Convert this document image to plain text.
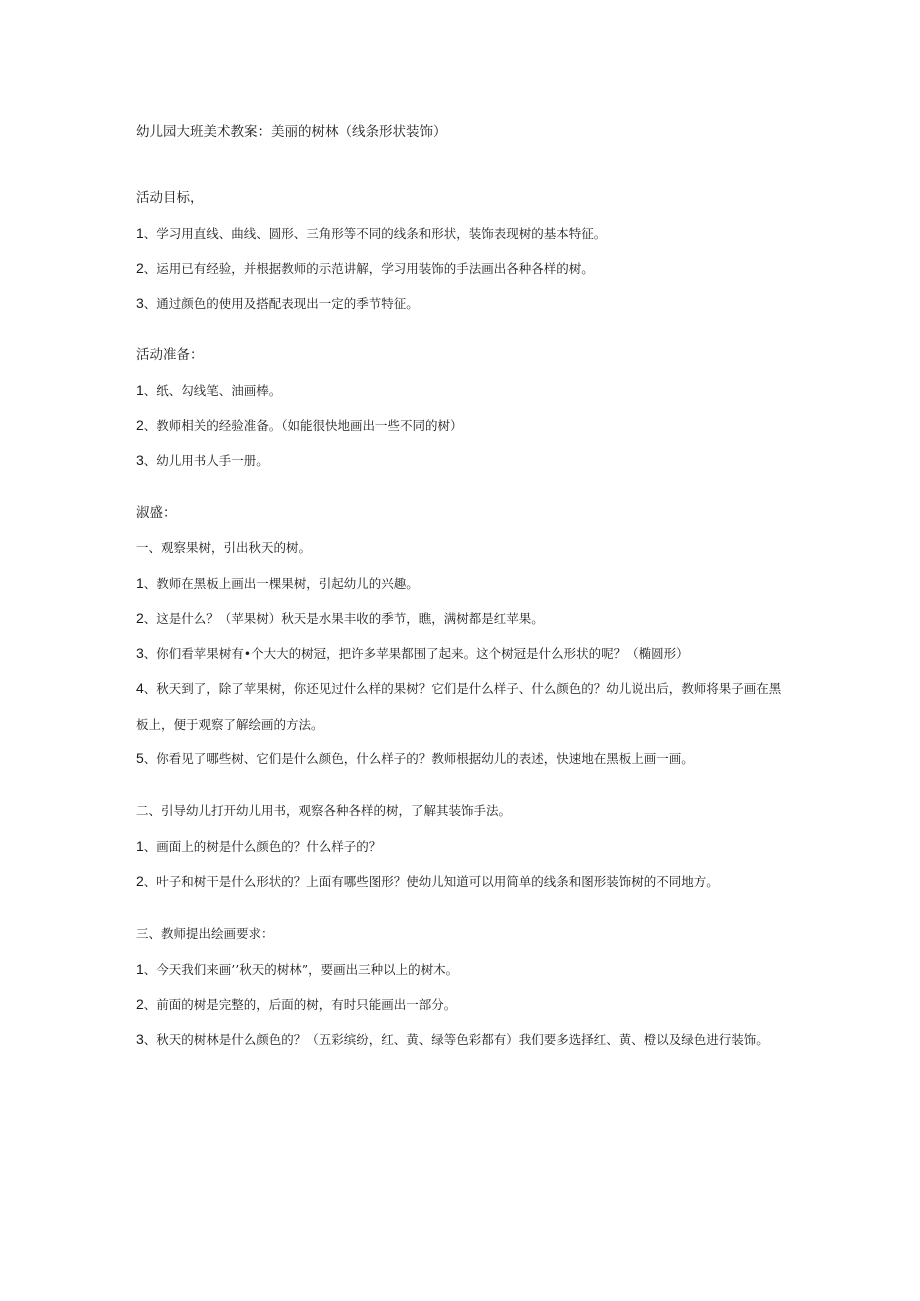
幼儿园大班美术教案：美丽的树林（线条形状装饰）
活动目标，
1、学习用直线、曲线、圆形、三角形等不同的线条和形状，装饰表现树的基本特征。
2、运用已有经验，并根据教师的示范讲解，学习用装饰的手法画出各种各样的树。
3、通过颜色的使用及搭配表现出一定的季节特征。
活动准备：
1、纸、勾线笔、油画棒。
2、教师相关的经验准备。（如能很快地画出一些不同的树）
3、幼儿用书人手一册。
淑盛：
一、观察果树，引出秋天的树。
1、教师在黑板上画出一棵果树，引起幼儿的兴趣。
2、这是什么？（苹果树）秋天是水果丰收的季节，瞧，满树都是红苹果。
3、你们看苹果树有•个大大的树冠，把许多苹果都围了起来。这个树冠是什么形状的呢？（椭圆形）
4、秋天到了，除了苹果树，你还见过什么样的果树？它们是什么样子、什么颜色的？幼儿说出后，教师将果子画在黑板上，便于观察了解绘画的方法。
5、你看见了哪些树、它们是什么颜色，什么样子的？教师根据幼儿的表述，快速地在黑板上画一画。
二、引导幼儿打开幼儿用书，观察各种各样的树，了解其装饰手法。
1、画面上的树是什么颜色的？什么样子的？
2、叶子和树干是什么形状的？上面有哪些图形？使幼儿知道可以用简单的线条和图形装饰树的不同地方。
三、教师提出绘画要求：
1、今天我们来画’’秋天的树林”，要画出三种以上的树木。
2、前面的树是完整的，后面的树，有时只能画出一部分。
3、秋天的树林是什么颜色的？（五彩缤纷，红、黄、绿等色彩都有）我们要多选择红、黄、橙以及绿色进行装饰。
